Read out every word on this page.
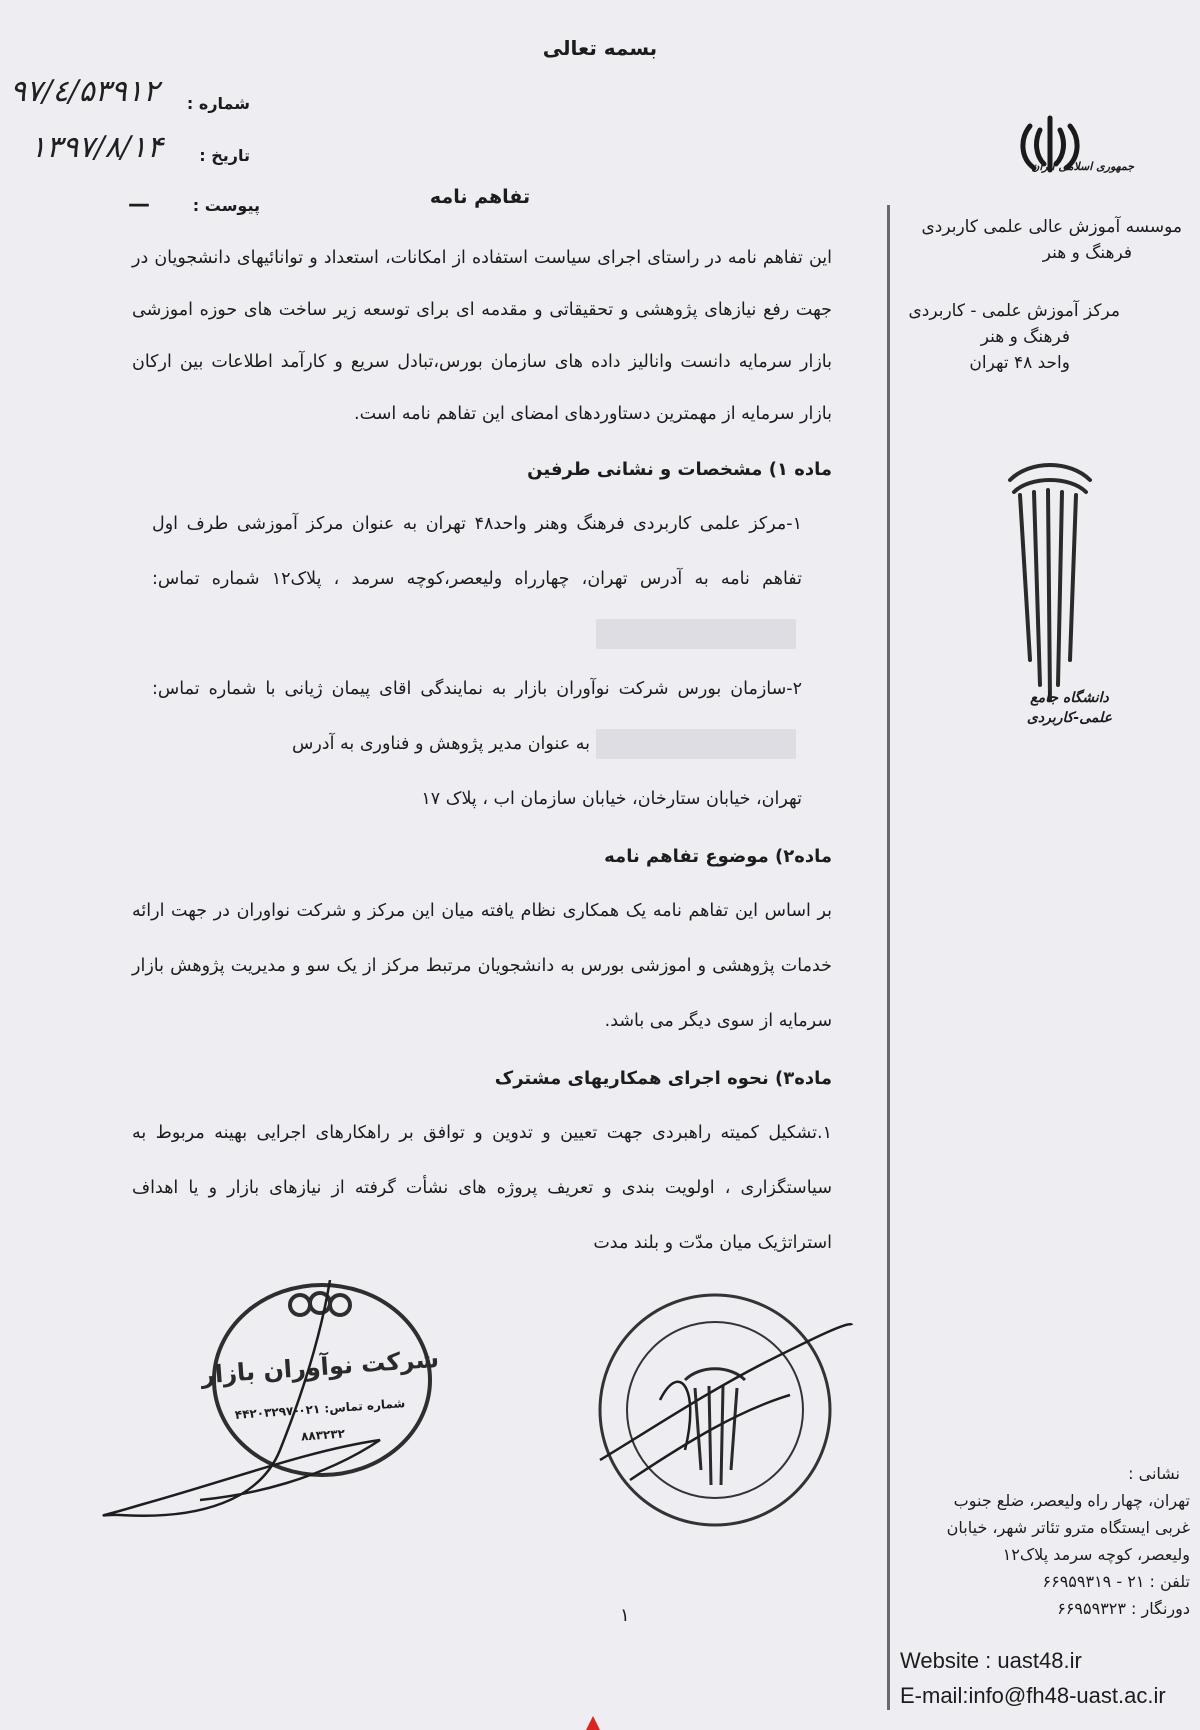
بسمه تعالی
شماره :
۹۷/٤/۵۳۹۱۲
تاریخ :
۱۳۹۷/۸/۱۴
پیوست :
—	تفاهم نامه

این تفاهم نامه در راستای اجرای سیاست استفاده از امکانات، استعداد و توانائیهای دانشجویان در جهت رفع نیازهای پژوهشی و تحقیقاتی و مقدمه ای برای توسعه زیر ساخت های حوزه اموزشی بازار سرمایه دانست وانالیز داده های سازمان بورس،تبادل سریع و کارآمد اطلاعات بین ارکان بازار سرمایه از مهمترین دستاوردهای امضای این تفاهم نامه است.

ماده ۱) مشخصات و نشانی طرفین

۱-مرکز علمی کاربردی فرهنگ وهنر واحد۴۸ تهران به عنوان مرکز آموزشی طرف اول تفاهم نامه به آدرس تهران، چهارراه ولیعصر،کوچه سرمد ، پلاک۱۲ شماره تماس:

۲-سازمان بورس شرکت نوآوران بازار به نمایندگی اقای پیمان ژیانی با شماره تماس:به عنوان مدیر پژوهش و فناوری به آدرس

تهران، خیابان ستارخان، خیابان سازمان اب ، پلاک ۱۷

ماده۲) موضوع تفاهم نامه

بر اساس این تفاهم نامه یک همکاری نظام یافته میان این مرکز و شرکت نواوران در جهت ارائه خدمات پژوهشی و اموزشی بورس به دانشجویان مرتبط مرکز از یک سو و مدیریت پژوهش بازار سرمایه از سوی دیگر می باشد.

ماده۳) نحوه اجرای همکاریهای مشترک

۱.تشکیل کمیته راهبردی جهت تعیین و تدوین و توافق بر راهکارهای اجرایی بهینه مربوط به سیاستگزاری ، اولویت بندی و تعریف پروژه های نشأت گرفته از نیازهای بازار و یا اهداف استراتژیک میان مدّت و بلند مدت

جمهوری اسلامی ایران
موسسه آموزش عالی علمی کاربردی
فرهنگ و هنر
مرکز آموزش علمی - کاربردی
فرهنگ و هنر
واحد ۴۸ تهران
دانشگاه جامع
علمی-کاربردی
نشانی :
تهران، چهار راه ولیعصر، ضلع جنوب
غربی ایستگاه مترو تئاتر شهر، خیابان
ولیعصر، کوچه سرمد پلاک۱۲
تلفن : ۲۱ - ۶۶۹۵۹۳۱۹
دورنگار : ۶۶۹۵۹۳۲۳
Website : uast48.ir
E-mail:info@fh48-uast.ac.ir
شرکت نوآوران بازار
شماره تماس: ۰۲۱-۴۴۲۰۳۲۹۷
۸۸۳۲۳۲
۱
